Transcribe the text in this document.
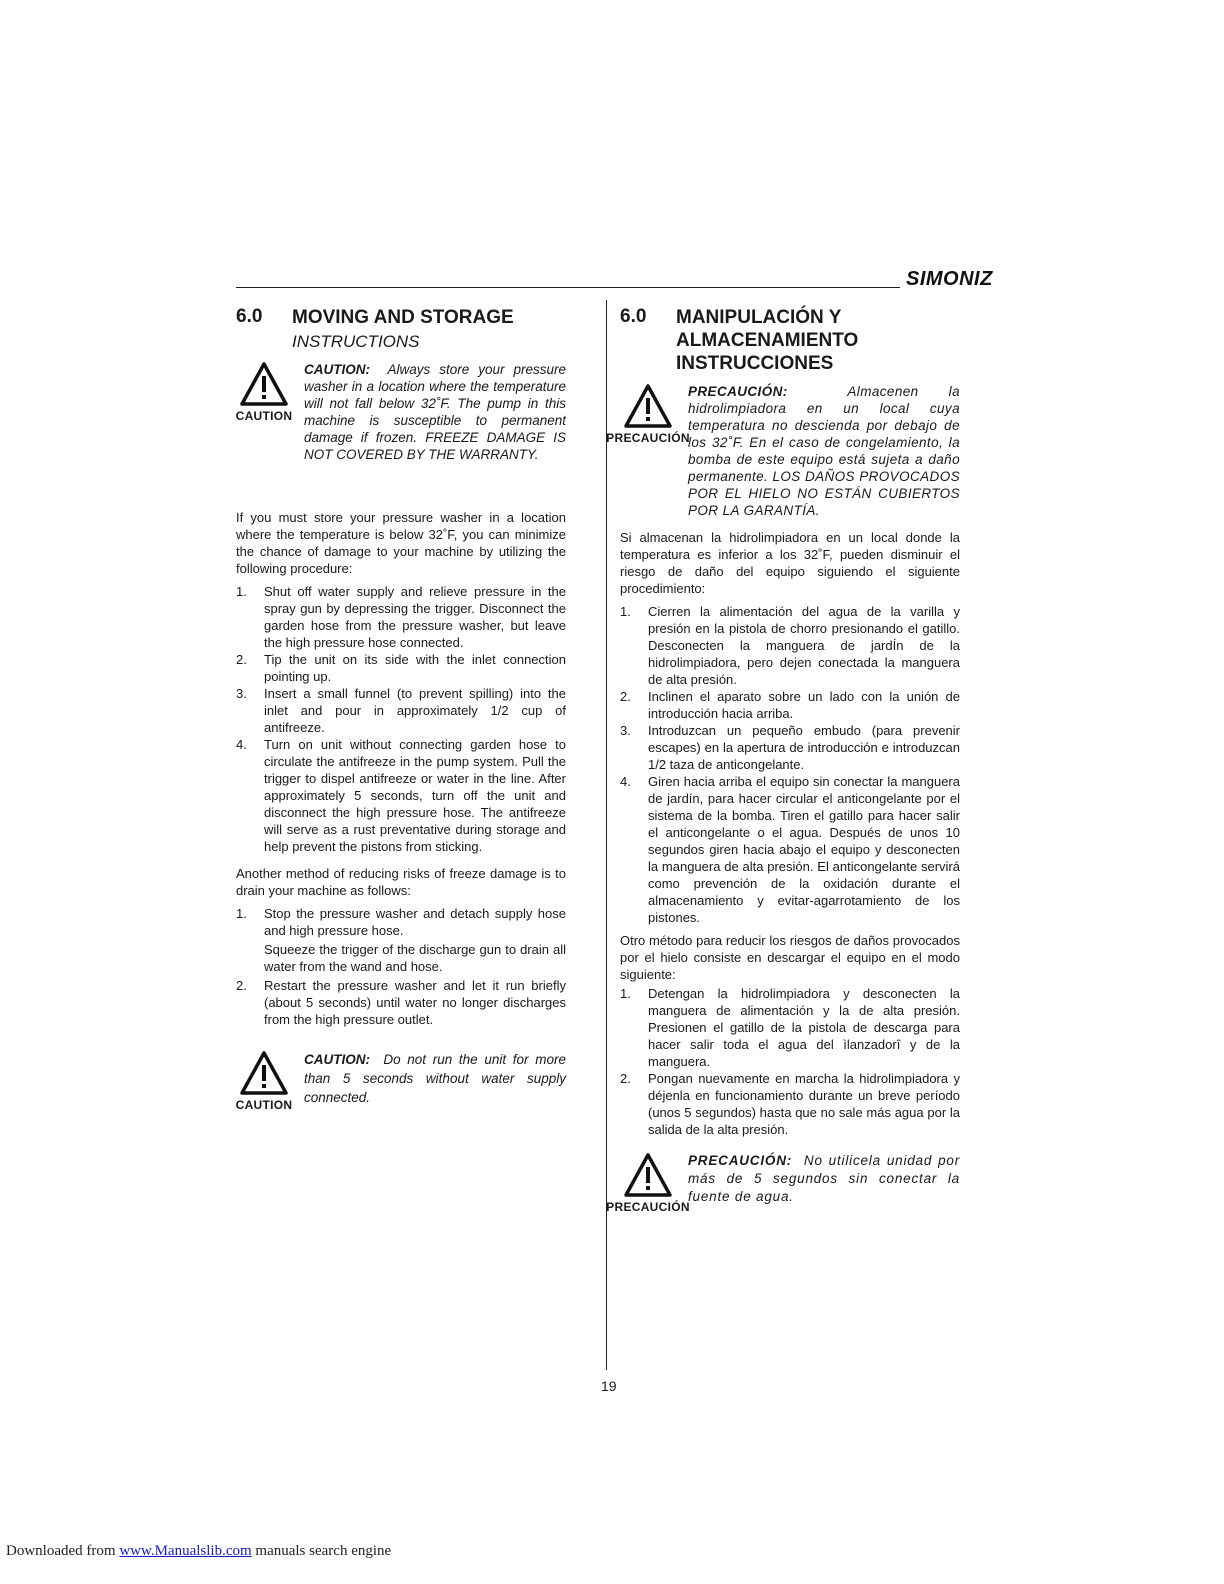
SIMONIZ
6.0	MOVING AND STORAGE
INSTRUCTIONS
CAUTION
CAUTION: Always store your pressure washer in a location where the temperature will not fall below 32˚F. The pump in this machine is susceptible to permanent damage if frozen. FREEZE DAMAGE IS NOT COVERED BY THE WARRANTY.

If you must store your pressure washer in a location where the temperature is below 32˚F, you can minimize the chance of damage to your machine by utilizing the following procedure:

1.	Shut off water supply and relieve pressure in the spray gun by depressing the trigger. Disconnect the garden hose from the pressure washer, but leave the high pressure hose connected.
2.	Tip the unit on its side with the inlet connection pointing up.
3.	Insert a small funnel (to prevent spilling) into the inlet and pour in approximately 1/2 cup of antifreeze.
4.	Turn on unit without connecting garden hose to circulate the antifreeze in the pump system. Pull the trigger to dispel antifreeze or water in the line. After approximately 5 seconds, turn off the unit and disconnect the high pressure hose. The antifreeze will serve as a rust preventative during storage and help prevent the pistons from sticking.

Another method of reducing risks of freeze damage is to drain your machine as follows:

1.	Stop the pressure washer and detach supply hose and high pressure hose.
Squeeze the trigger of the discharge gun to drain all water from the wand and hose.
2.	Restart the pressure washer and let it run briefly (about 5 seconds) until water no longer discharges from the high pressure outlet.
CAUTION
CAUTION: Do not run the unit for more than 5 seconds without water supply connected.
6.0	MANIPULACIÓN Y ALMACENAMIENTO INSTRUCCIONES
PRECAUCIÓN
PRECAUCIÓN:	Almacenen la hidrolimpiadora en un local cuya temperatura no descienda por debajo de los 32˚F. En el caso de congelamiento, la bomba de este equipo está sujeta a daño permanente. LOS DAÑOS PROVOCADOS POR EL HIELO NO ESTÁN CUBIERTOS POR LA GARANTÍA.

Si almacenan la hidrolimpiadora en un local donde la temperatura es inferior a los 32˚F, pueden disminuir el riesgo de daño del equipo siguiendo el siguiente procedimiento:

1.	Cierren la alimentación del agua de la varilla y presión en la pistola de chorro presionando el gatillo. Desconecten la manguera de jardÍn de la hidrolimpiadora, pero dejen conectada la manguera de alta presión.
2.	Inclinen el aparato sobre un lado con la unión de introducción hacia arriba.
3.	Introduzcan un pequeño embudo (para prevenir escapes) en la apertura de introducción e introduzcan 1/2 taza de anticongelante.
4.	Giren hacia arriba el equipo sin conectar la manguera de jardín, para hacer circular el anticongelante por el sistema de la bomba. Tiren el gatillo para hacer salir el anticongelante o el agua. Después de unos 10 segundos giren hacia abajo el equipo y desconecten la manguera de alta presión. El anticongelante servirá como prevención de la oxidación durante el almacenamiento y evitar-agarrotamiento de los pistones.

Otro método para reducir los riesgos de daños provocados por el hielo consiste en descargar el equipo en el modo siguiente:

1.	Detengan la hidrolimpiadora y desconecten la manguera de alimentación y la de alta presión. Presionen el gatillo de la pistola de descarga para hacer salir toda el agua del ìlanzadorî y de la manguera.
2.	Pongan nuevamente en marcha la hidrolimpiadora y déjenla en funcionamiento durante un breve período (unos 5 segundos) hasta que no sale más agua por la salida de la alta presión.
PRECAUCIÓN
PRECAUCIÓN: No utilicela unidad por más de 5 segundos sin conectar la fuente de agua.
19
Downloaded from www.Manualslib.com manuals search engine
